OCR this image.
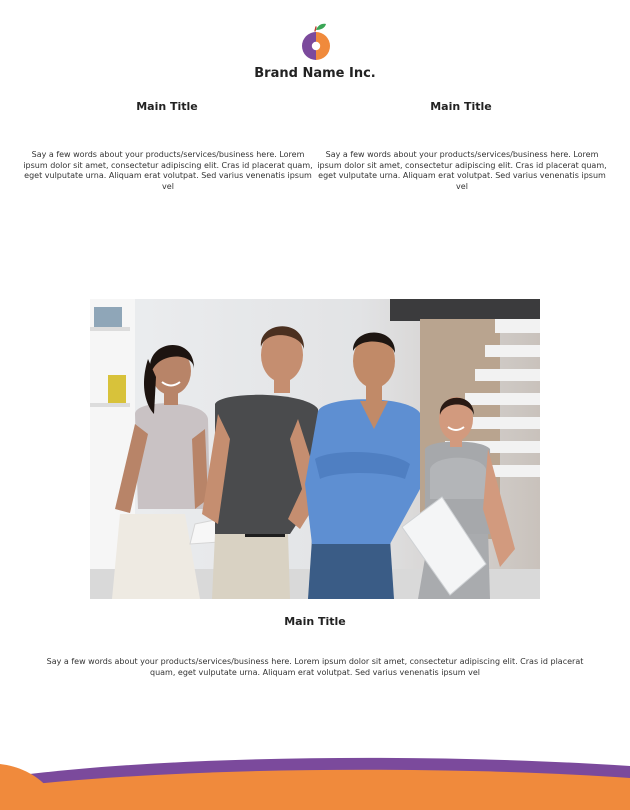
Brand Name Inc.
Main Title
Say a few words about your products/services/business here. Lorem ipsum dolor sit amet, consectetur adipiscing elit. Cras id placerat quam, eget vulputate urna. Aliquam erat volutpat. Sed varius venenatis ipsum vel
Main Title
Say a few words about your products/services/business here. Lorem ipsum dolor sit amet, consectetur adipiscing elit. Cras id placerat quam, eget vulputate urna. Aliquam erat volutpat. Sed varius venenatis ipsum vel
Main Title
Say a few words about your products/services/business here. Lorem ipsum dolor sit amet, consectetur adipiscing elit. Cras id placerat quam, eget vulputate urna. Aliquam erat volutpat. Sed varius venenatis ipsum vel
